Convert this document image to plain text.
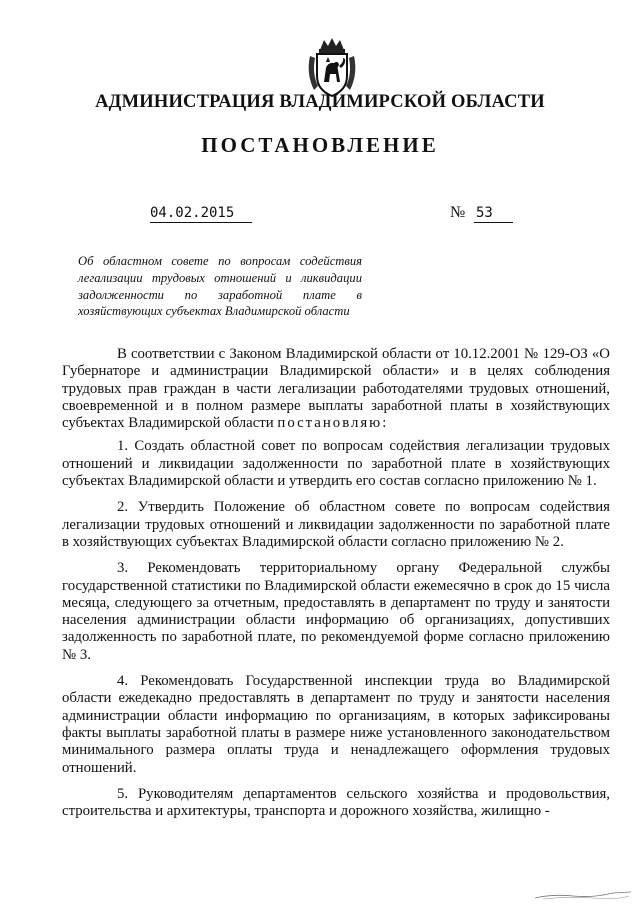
АДМИНИСТРАЦИЯ ВЛАДИМИРСКОЙ ОБЛАСТИ
ПОСТАНОВЛЕНИЕ
04.02.2015	№ 53
Об областном совете по вопросам содействия
легализации трудовых отношений и ликвидации
задолженности по заработной плате в
хозяйствующих субъектах Владимирской области

В соответствии с Законом Владимирской области от 10.12.2001 № 129-ОЗ «О Губернаторе и администрации Владимирской области» и в целях соблюдения трудовых прав граждан в части легализации работодателями трудовых отношений, своевременной и в полном размере выплаты заработной платы в хозяйствующих субъектах Владимирской области постановляю:

1. Создать областной совет по вопросам содействия легализации трудовых отношений и ликвидации задолженности по заработной плате в хозяйствующих субъектах Владимирской области и утвердить его состав согласно приложению № 1.

2. Утвердить Положение об областном совете по вопросам содействия легализации трудовых отношений и ликвидации задолженности по заработной плате в хозяйствующих субъектах Владимирской области согласно приложению № 2.

3. Рекомендовать территориальному органу Федеральной службы государственной статистики по Владимирской области ежемесячно в срок до 15 числа месяца, следующего за отчетным, предоставлять в департамент по труду и занятости населения администрации области информацию об организациях, допустивших задолженность по заработной плате, по рекомендуемой форме согласно приложению № 3.

4. Рекомендовать Государственной инспекции труда во Владимирской области ежедекадно предоставлять в департамент по труду и занятости населения администрации области информацию по организациям, в которых зафиксированы факты выплаты заработной платы в размере ниже установленного законодательством минимального размера оплаты труда и ненадлежащего оформления трудовых отношений.

5. Руководителям департаментов сельского хозяйства и продовольствия, строительства и архитектуры, транспорта и дорожного хозяйства, жилищно -
